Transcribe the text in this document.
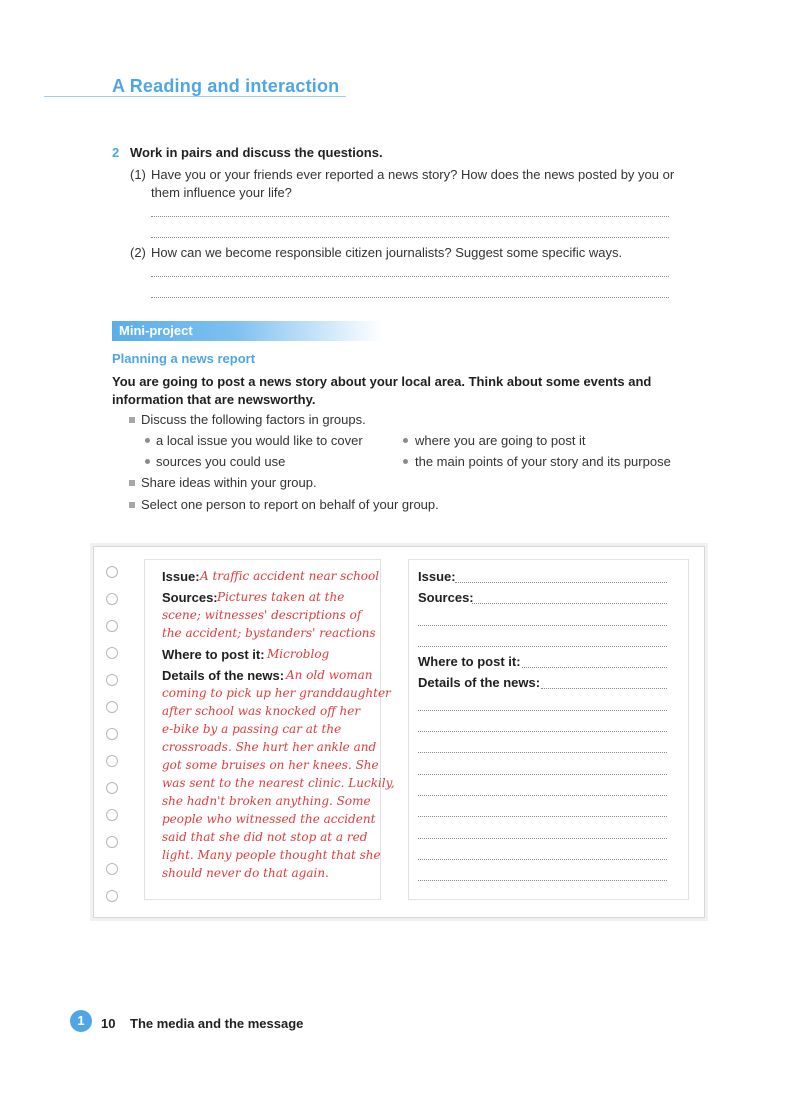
A Reading and interaction
2 Work in pairs and discuss the questions.
(1) Have you or your friends ever reported a news story? How does the news posted by you or
them influence your life?
(2) How can we become responsible citizen journalists? Suggest some specific ways.
Mini-project
Planning a news report
You are going to post a news story about your local area. Think about some events and information that are newsworthy.
Discuss the following factors in groups.
a local issue you would like to cover	where you are going to post it
sources you could use	the main points of your story and its purpose
Share ideas within your group.
Select one person to report on behalf of your group.
Issue: A traffic accident near school
Sources: Pictures taken at the
scene; witnesses' descriptions of
the accident; bystanders' reactions
Where to post it: Microblog
Details of the news: An old woman
coming to pick up her granddaughter
after school was knocked off her
e-bike by a passing car at the
crossroads. She hurt her ankle and
got some bruises on her knees. She
was sent to the nearest clinic. Luckily,
she hadn't broken anything. Some
people who witnessed the accident
said that she did not stop at a red
light. Many people thought that she
should never do that again.
Issue:
Sources:
Where to post it:
Details of the news:
1	10 The media and the message
